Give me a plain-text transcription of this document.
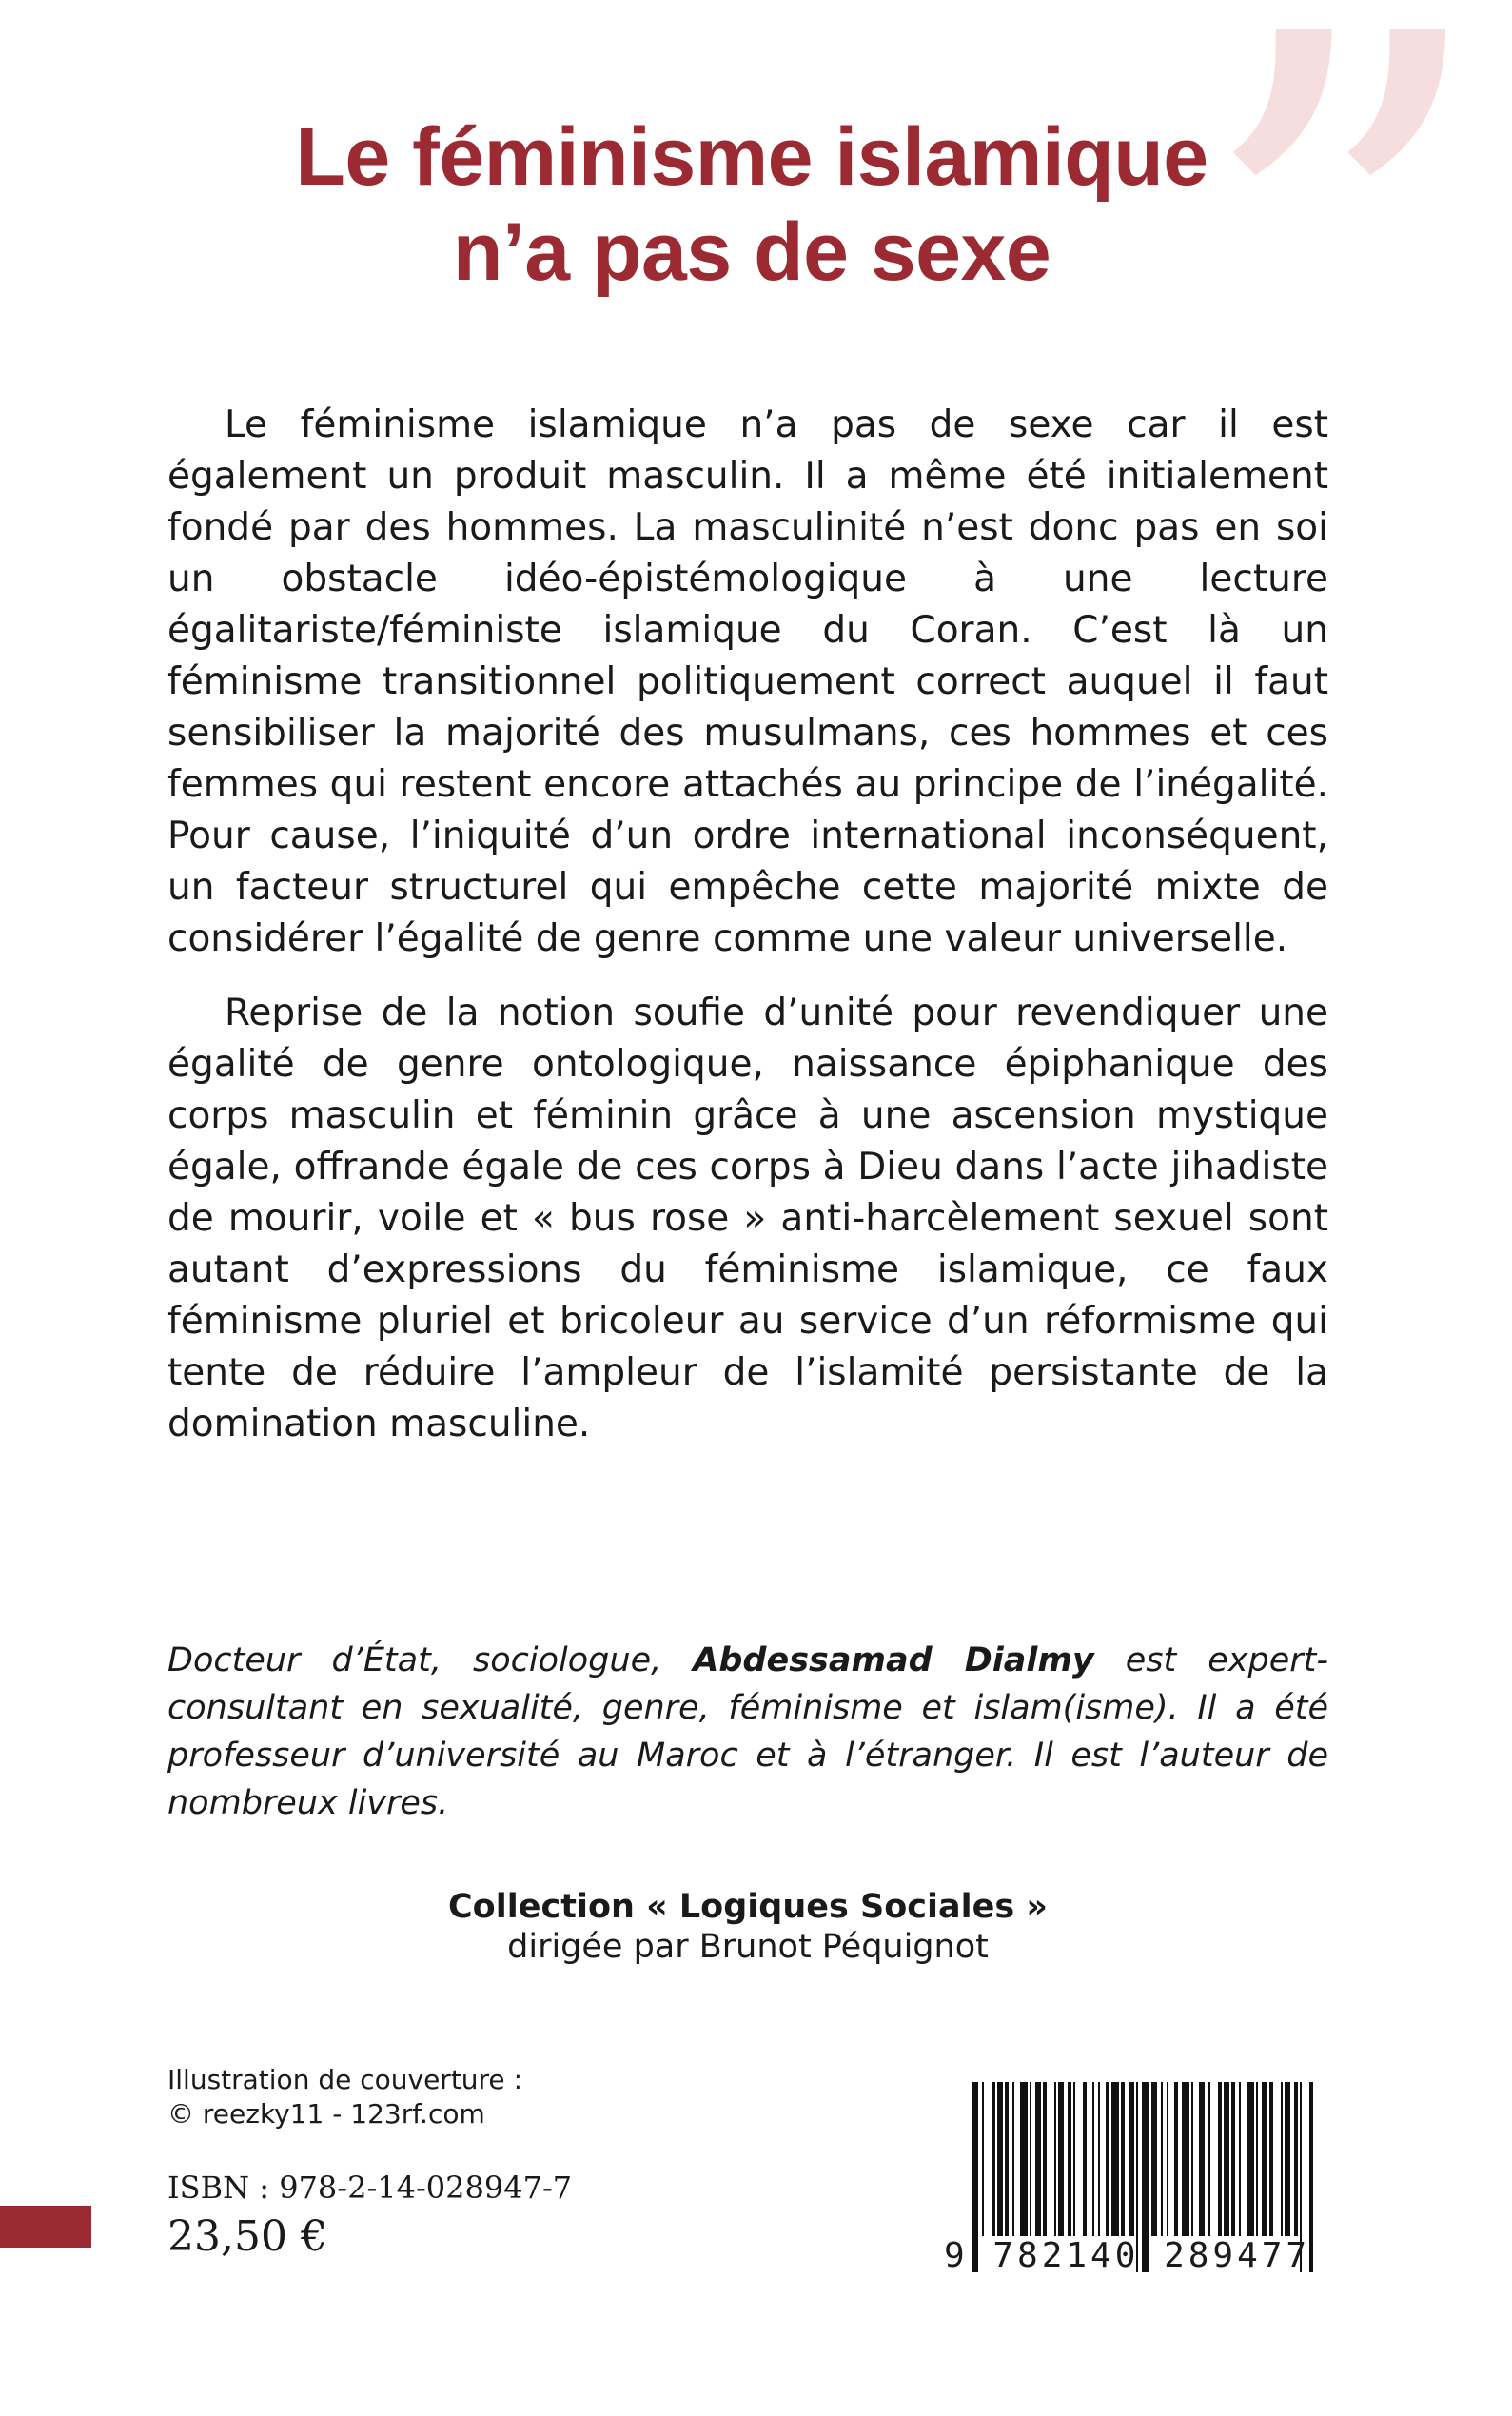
”
Le féminisme islamique
n’a pas de sexe

Le féminisme islamique n’a pas de sexe car il est également un produit masculin. Il a même été initialement fondé par des hommes. La masculinité n’est donc pas en soi un obstacle idéo-épistémologique à une lecture égalitariste/féministe islamique du Coran. C’est là un féminisme transitionnel politiquement correct auquel il faut sensibiliser la majorité des musulmans, ces hommes et ces femmes qui restent encore attachés au principe de l’inégalité. Pour cause, l’iniquité d’un ordre international inconséquent, un facteur structurel qui empêche cette majorité mixte de considérer l’égalité de genre comme une valeur universelle.

Reprise de la notion soufie d’unité pour revendiquer une égalité de genre ontologique, naissance épiphanique des corps masculin et féminin grâce à une ascension mystique égale, offrande égale de ces corps à Dieu dans l’acte jihadiste de mourir, voile et « bus rose » anti-harcèlement sexuel sont autant d’expressions du féminisme islamique, ce faux féminisme pluriel et bricoleur au service d’un réformisme qui tente de réduire l’ampleur de l’islamité persistante de la domination masculine.

Docteur d’État, sociologue, Abdessamad Dialmy est expert-consultant en sexualité, genre, féminisme et islam(isme). Il a été professeur d’université au Maroc et à l’étranger. Il est l’auteur de nombreux livres.
Collection « Logiques Sociales »
dirigée par Brunot Péquignot
Illustration de couverture :
© reezky11 - 123rf.com
ISBN : 978-2-14-028947-7
23,50 €	9 782140 289477
